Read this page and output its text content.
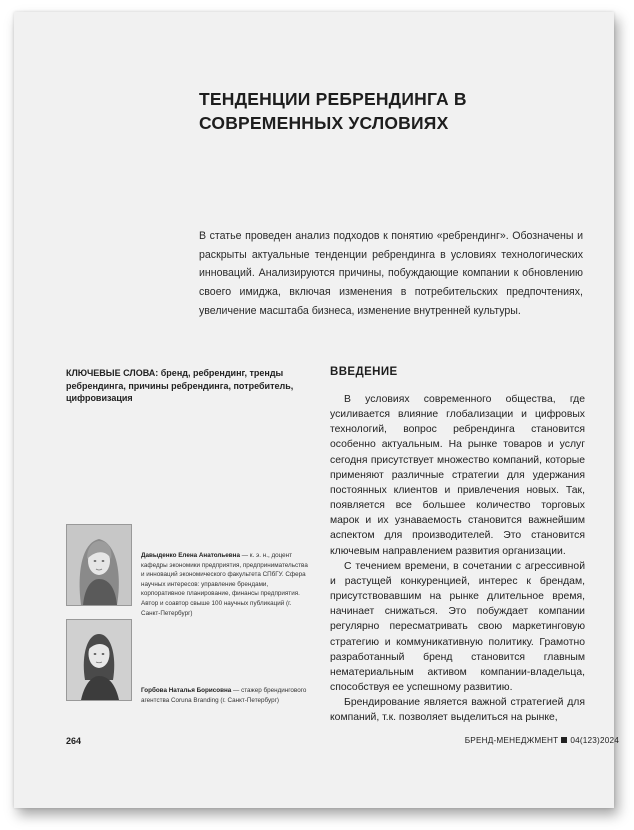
ТЕНДЕНЦИИ РЕБРЕНДИНГА В СОВРЕМЕННЫХ УСЛОВИЯХ

В статье проведен анализ подходов к понятию «ребрендинг». Обозначены и раскрыты актуальные тенденции ребрендинга в условиях технологических инноваций. Анализируются причины, побуждающие компании к обновлению своего имиджа, включая изменения в потребительских предпочтениях, увеличение масштаба бизнеса, изменение внутренней культуры.

КЛЮЧЕВЫЕ СЛОВА: бренд, ребрендинг, тренды ребрендинга, причины ребрендинга, потребитель, цифровизация

ВВЕДЕНИЕ

В условиях современного общества, где усиливается влияние глобализации и цифровых технологий, вопрос ребрендинга становится особенно актуальным. На рынке товаров и услуг сегодня присутствует множество компаний, которые применяют различные стратегии для удержания постоянных клиентов и привлечения новых. Так, появляется все большее количество торговых марок и их узнаваемость становится важнейшим аспектом для производителей. Это становится ключевым направлением развития организации.

С течением времени, в сочетании с агрессивной и растущей конкуренцией, интерес к брендам, присутствовавшим на рынке длительное время, начинает снижаться. Это побуждает компании регулярно пересматривать свою маркетинговую стратегию и коммуникативную политику. Грамотно разработанный бренд становится главным нематериальным активом компании-владельца, способствуя ее успешному развитию.

Брендирование является важной стратегией для компаний, т.к. позволяет выделиться на рынке,

Давыденко Елена Анатольевна — к. э. н., доцент кафедры экономики предприятия, предпринимательства и инноваций экономического факультета СПбГУ. Сфера научных интересов: управление брендами, корпоративное планирование, финансы предприятия. Автор и соавтор свыше 100 научных публикаций (г. Санкт-Петербург)

Горбова Наталья Борисовна — стажер брендингового агентства Coruna Branding (г. Санкт-Петербург)

264	БРЕНД-МЕНЕДЖМЕНТ 04(123)2024
